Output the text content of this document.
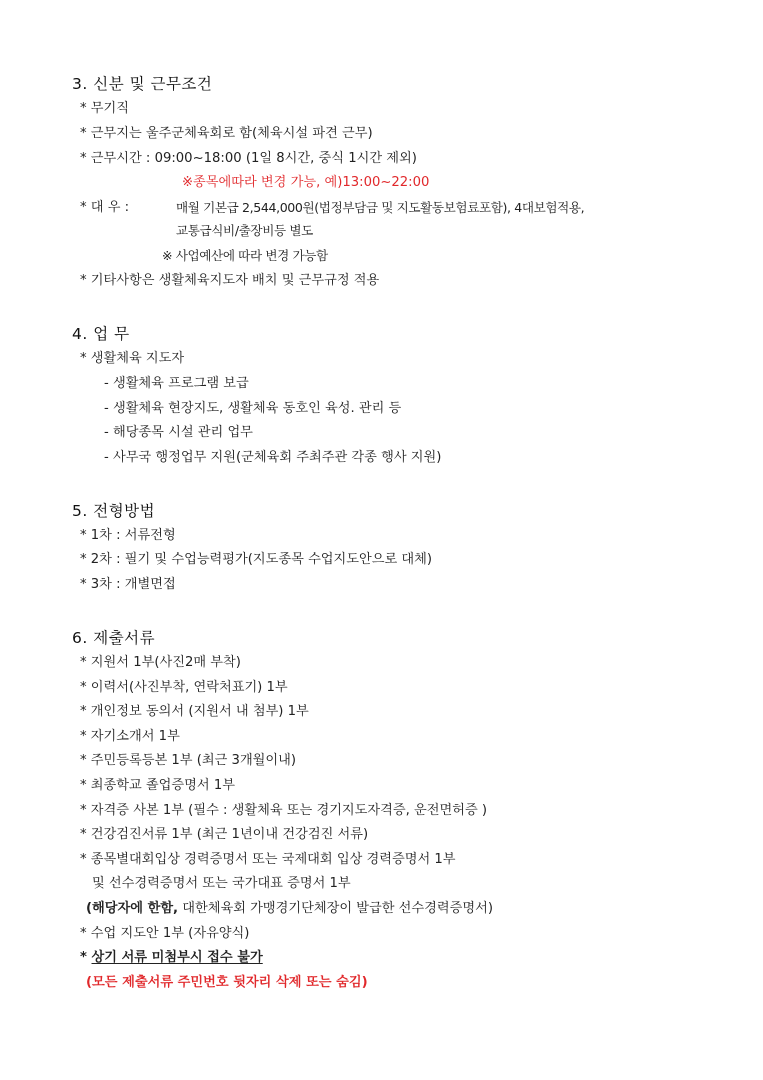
3. 신분 및 근무조건
* 무기직
* 근무지는 울주군체육회로 함(체육시설 파견 근무)
* 근무시간 : 09:00~18:00 (1일 8시간, 중식 1시간 제외)
※종목에따라 변경 가능, 예)13:00~22:00
* 대 우 :	매월 기본급 2,544,000원(법정부담금 및 지도활동보험료포함), 4대보험적용,
교통급식비/출장비등 별도
※ 사업예산에 따라 변경 가능함
* 기타사항은 생활체육지도자 배치 및 근무규정 적용
4. 업 무
* 생활체육 지도자
- 생활체육 프로그램 보급
- 생활체육 현장지도, 생활체육 동호인 육성. 관리 등
- 해당종목 시설 관리 업무
- 사무국 행정업무 지원(군체육회 주최주관 각종 행사 지원)
5. 전형방법
* 1차 : 서류전형
* 2차 : 필기 및 수업능력평가(지도종목 수업지도안으로 대체)
* 3차 : 개별면접
6. 제출서류
* 지원서 1부(사진2매 부착)
* 이력서(사진부착, 연락처표기) 1부
* 개인정보 동의서 (지원서 내 첨부) 1부
* 자기소개서 1부
* 주민등록등본 1부 (최근 3개월이내)
* 최종학교 졸업증명서 1부
* 자격증 사본 1부 (필수 : 생활체육 또는 경기지도자격증, 운전면허증 )
* 건강검진서류 1부 (최근 1년이내 건강검진 서류)
* 종목별대회입상 경력증명서 또는 국제대회 입상 경력증명서 1부
및 선수경력증명서 또는 국가대표 증명서 1부
(해당자에 한함, 대한체육회 가맹경기단체장이 발급한 선수경력증명서)
* 수업 지도안 1부 (자유양식)
* 상기 서류 미첨부시 접수 불가
(모든 제출서류 주민번호 뒷자리 삭제 또는 숨김)
